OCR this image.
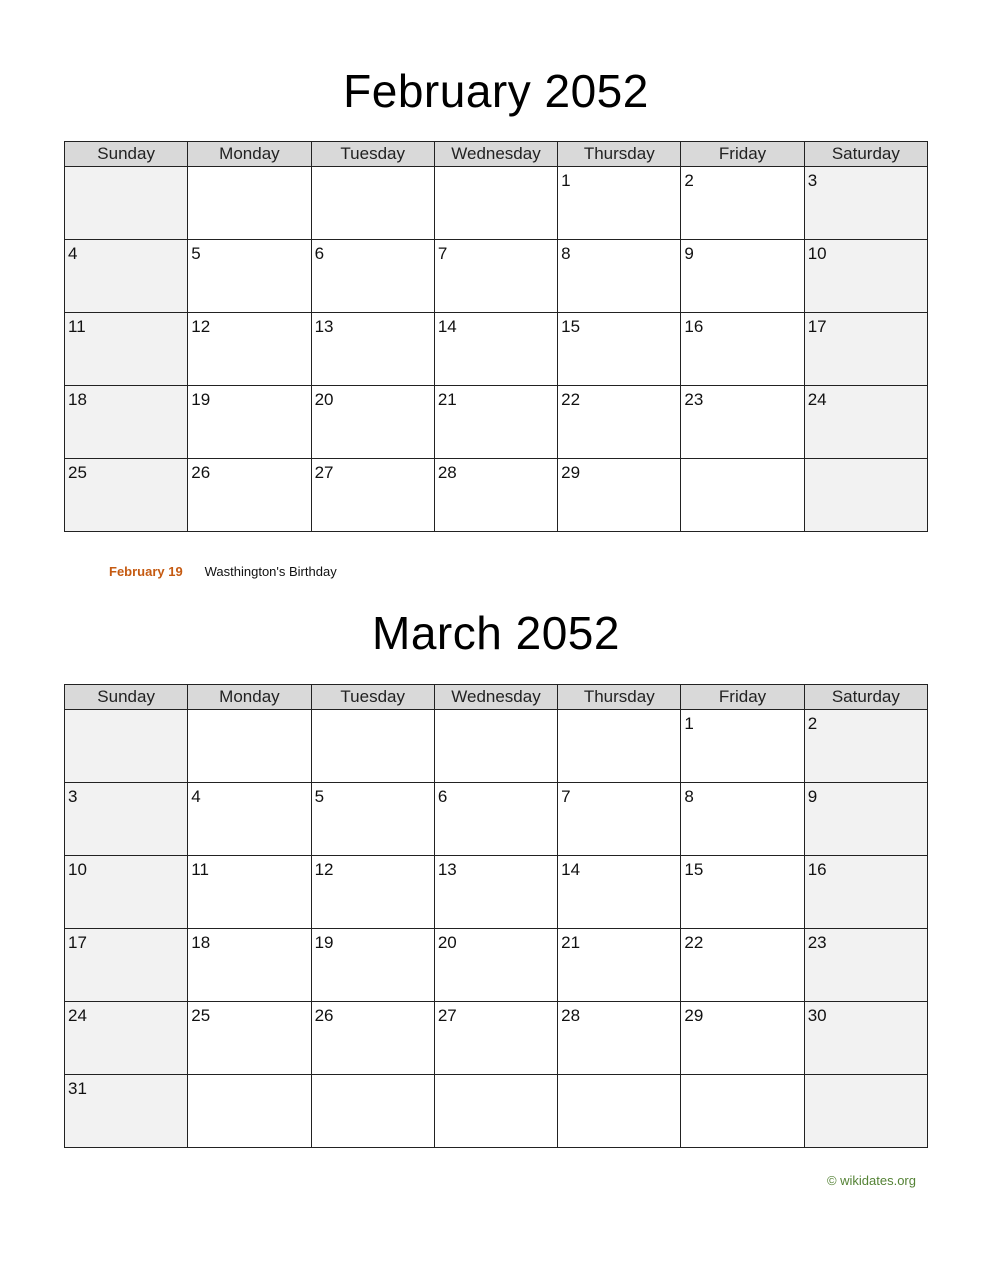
February 2052
Sunday	Monday	Tuesday	Wednesday	Thursday	Friday	Saturday

				1	2	3

4	5	6	7	8	9	10

11	12	13	14	15	16	17

18	19	20	21	22	23	24

25	26	27	28	29		

February 19 Wasthington's Birthday
March 2052
Sunday	Monday	Tuesday	Wednesday	Thursday	Friday	Saturday

					1	2

3	4	5	6	7	8	9

10	11	12	13	14	15	16

17	18	19	20	21	22	23

24	25	26	27	28	29	30

31						

© wikidates.org
